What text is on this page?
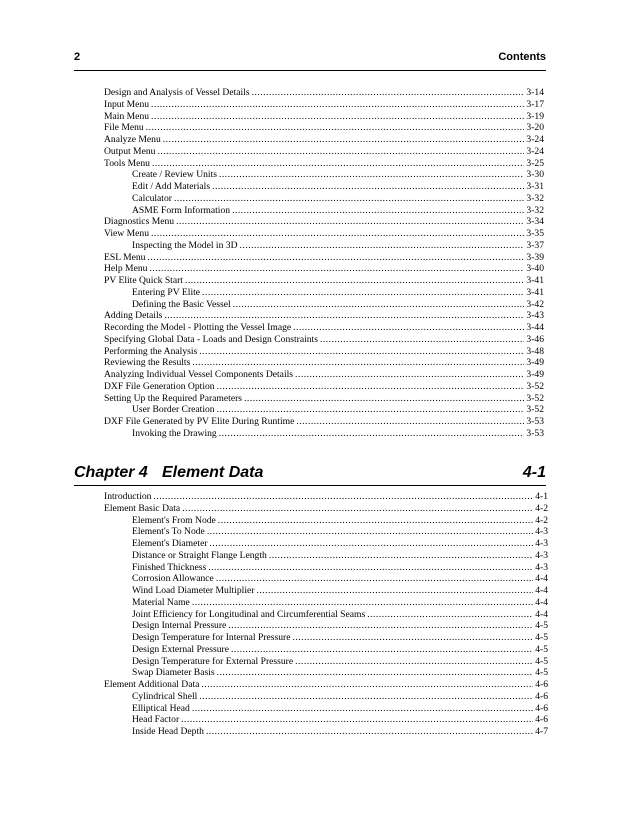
2	Contents
Design and Analysis of Vessel Details .....	3-14
Input Menu .....	3-17
Main Menu .....	3-19
File Menu .....	3-20
Analyze Menu .....	3-24
Output Menu .....	3-24
Tools Menu .....	3-25
Create / Review Units .....	3-30
Edit / Add Materials .....	3-31
Calculator .....	3-32
ASME Form Information .....	3-32
Diagnostics Menu .....	3-34
View Menu .....	3-35
Inspecting the Model in 3D .....	3-37
ESL Menu .....	3-39
Help Menu .....	3-40
PV Elite Quick Start .....	3-41
Entering PV Elite .....	3-41
Defining the Basic Vessel .....	3-42
Adding Details .....	3-43
Recording the Model - Plotting the Vessel Image .....	3-44
Specifying Global Data - Loads and Design Constraints .....	3-46
Performing the Analysis .....	3-48
Reviewing the Results .....	3-49
Analyzing Individual Vessel Components Details .....	3-49
DXF File Generation Option .....	3-52
Setting Up the Required Parameters .....	3-52
User Border Creation .....	3-52
DXF File Generated by PV Elite During Runtime .....	3-53
Invoking the Drawing .....	3-53
Chapter 4 Element Data	4-1
Introduction .....	4-1
Element Basic Data .....	4-2
Element's From Node .....	4-2
Element's To Node .....	4-3
Element's Diameter .....	4-3
Distance or Straight Flange Length .....	4-3
Finished Thickness .....	4-3
Corrosion Allowance .....	4-4
Wind Load Diameter Multiplier .....	4-4
Material Name .....	4-4
Joint Efficiency for Longitudinal and Circumferential Seams .....	4-4
Design Internal Pressure .....	4-5
Design Temperature for Internal Pressure .....	4-5
Design External Pressure .....	4-5
Design Temperature for External Pressure .....	4-5
Swap Diameter Basis .....	4-5
Element Additional Data .....	4-6
Cylindrical Shell .....	4-6
Elliptical Head .....	4-6
Head Factor .....	4-6
Inside Head Depth .....	4-7
